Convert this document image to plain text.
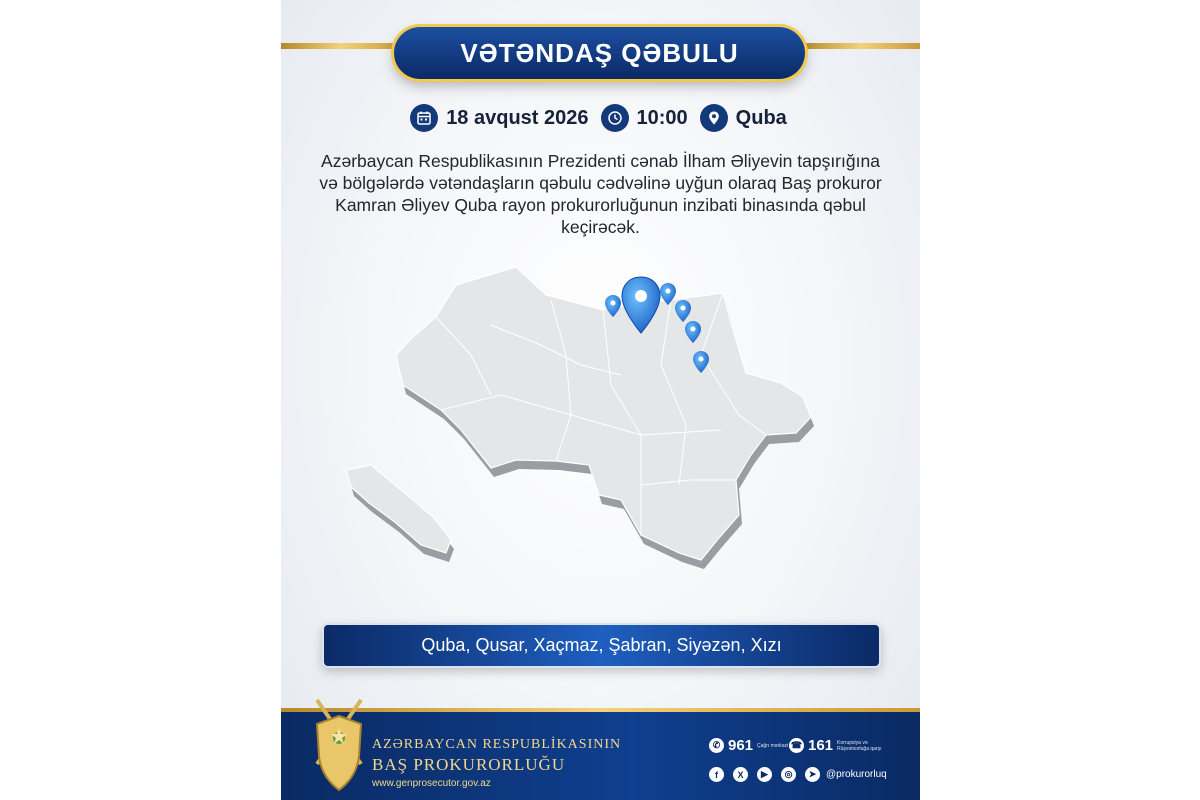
VƏTƏNDAŞ QƏBULU
18 avqust 2026 10:00 Quba
Azərbaycan Respublikasının Prezidenti cənab İlham Əliyevin tapşırığına və bölgələrdə vətəndaşların qəbulu cədvəlinə uyğun olaraq Baş prokuror Kamran Əliyev Quba rayon prokurorluğunun inzibati binasında qəbul keçirəcək.
Quba, Qusar, Xaçmaz, Şabran, Siyəzən, Xızı
AZƏRBAYCAN RESPUBLİKASININ
BAŞ PROKURORLUĞU
www.genprosecutor.gov.az
✆ 961 Çağrı mərkəzi ☎ 161 Korrupsiya və Rüşvətxorluğa qarşı
f	X	▶	◎	➤ @prokurorluq
